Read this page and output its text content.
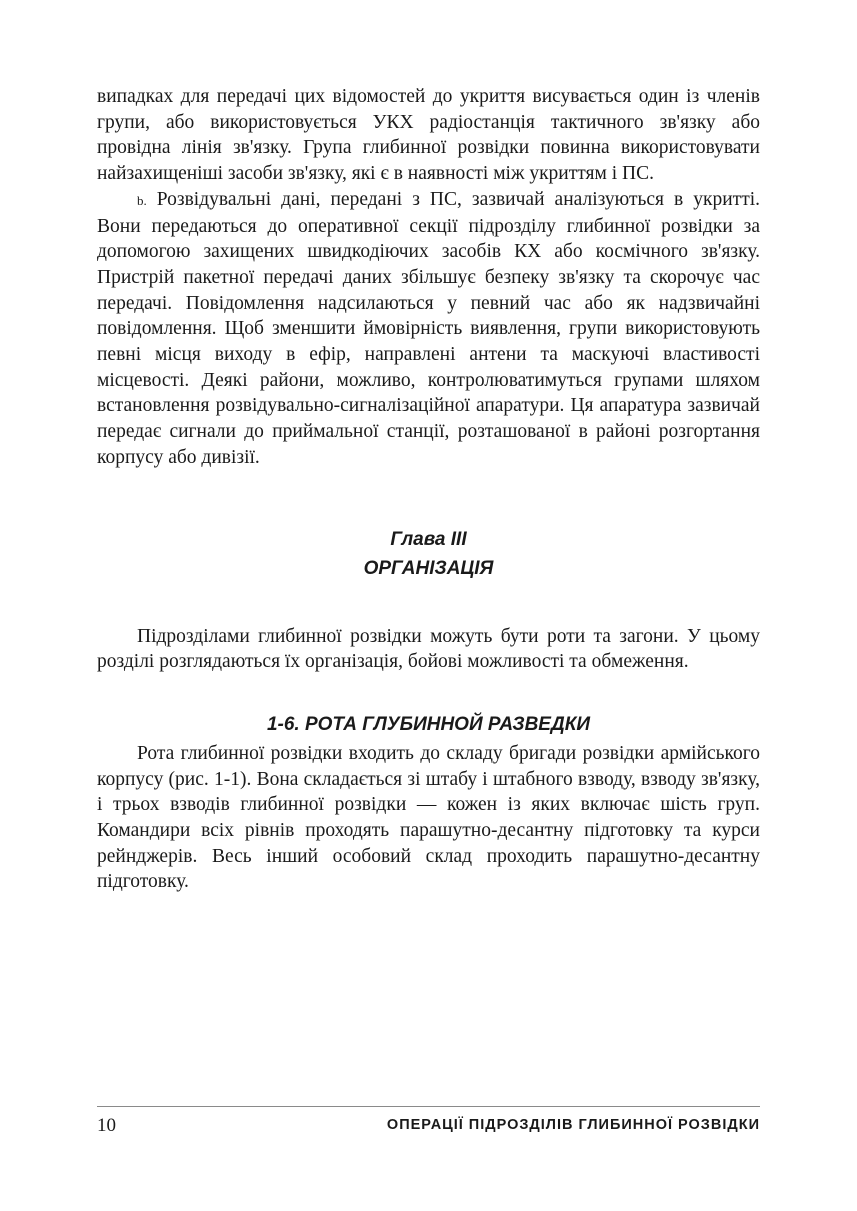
випадках для передачі цих відомостей до укриття висувається один із членів групи, або використовується УКХ радіостанція тактичного зв'язку або провідна лінія зв'язку. Група глибинної розвідки повинна використовувати найзахищеніші засоби зв'язку, які є в наявності між укриттям і ПС.

b. Розвідувальні дані, передані з ПС, зазвичай аналізуються в укритті. Вони передаються до оперативної секції підрозділу глибинної розвідки за допомогою захищених швидкодіючих засобів КХ або космічного зв'язку. Пристрій пакетної передачі даних збільшує безпеку зв'язку та скорочує час передачі. Повідомлення надсилаються у певний час або як надзвичайні повідомлення. Щоб зменшити ймовірність виявлення, групи використовують певні місця виходу в ефір, направлені антени та маскуючі властивості місцевості. Деякі райони, можливо, контролюватимуться групами шляхом встановлення розвідувально-сигналізаційної апаратури. Ця апаратура зазвичай передає сигнали до приймальної станції, розташованої в районі розгортання корпусу або дивізії.

Глава III

ОРГАНІЗАЦІЯ

Підрозділами глибинної розвідки можуть бути роти та загони. У цьому розділі розглядаються їх організація, бойові можливості та обмеження.

1-6. РОТА ГЛУБИННОЙ РАЗВЕДКИ

Рота глибинної розвідки входить до складу бригади розвідки армійського корпусу (рис. 1-1). Вона складається зі штабу і штабного взводу, взводу зв'язку, і трьох взводів глибинної розвідки — кожен із яких включає шість груп. Командири всіх рівнів проходять парашутно-десантну підготовку та курси рейнджерів. Весь інший особовий склад проходить парашутно-десантну підготовку.

10	ОПЕРАЦІЇ ПІДРОЗДІЛІВ ГЛИБИННОЇ РОЗВІДКИ
